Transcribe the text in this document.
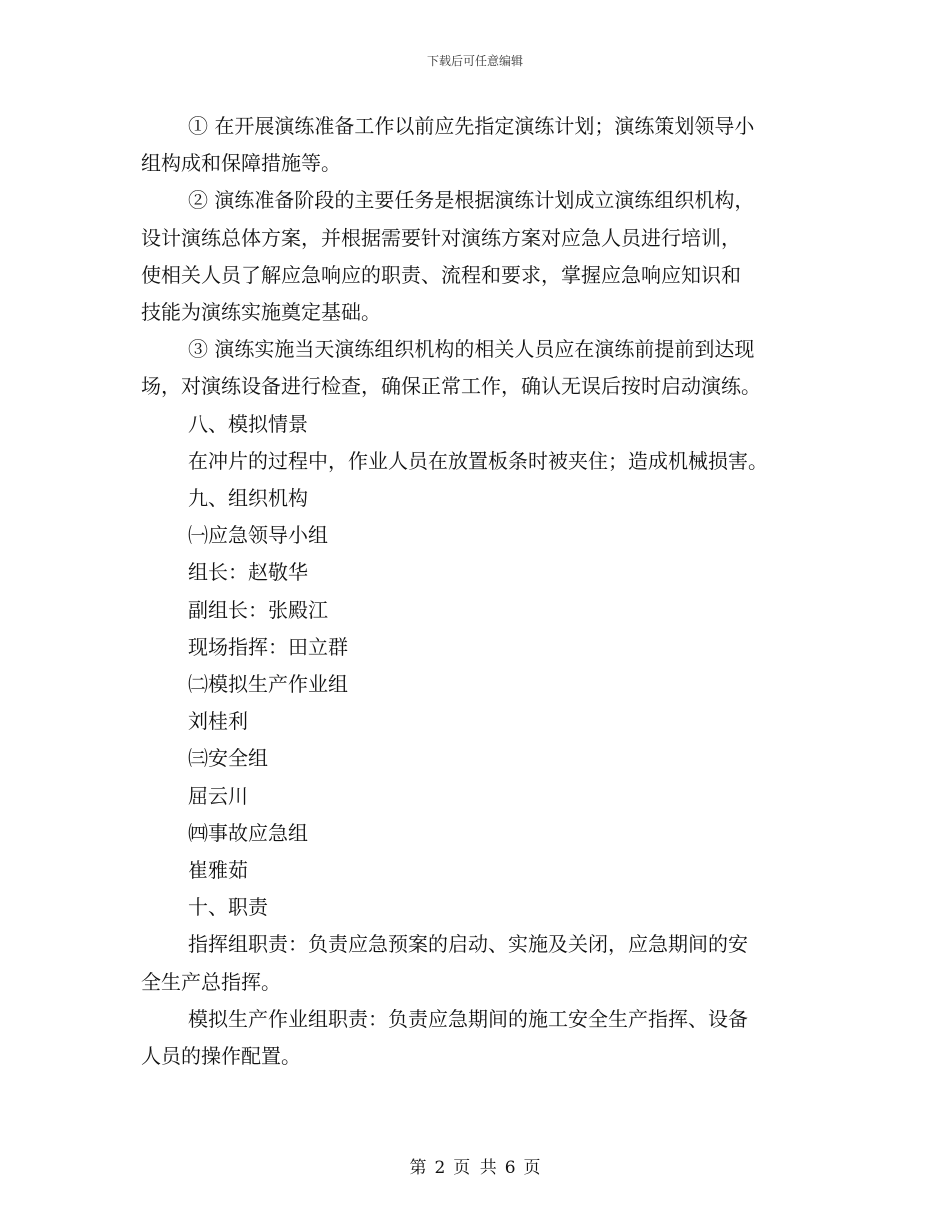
下载后可任意编辑

① 在开展演练准备工作以前应先指定演练计划；演练策划领导小

组构成和保障措施等。

② 演练准备阶段的主要任务是根据演练计划成立演练组织机构，

设计演练总体方案，并根据需要针对演练方案对应急人员进行培训，

使相关人员了解应急响应的职责、流程和要求，掌握应急响应知识和

技能为演练实施奠定基础。

③ 演练实施当天演练组织机构的相关人员应在演练前提前到达现

场，对演练设备进行检查，确保正常工作，确认无误后按时启动演练。

八、模拟情景

在冲片的过程中，作业人员在放置板条时被夹住；造成机械损害。

九、组织机构

㈠应急领导小组

组长：赵敬华

副组长：张殿江

现场指挥：田立群

㈡模拟生产作业组

刘桂利

㈢安全组

屈云川

㈣事故应急组

崔雅茹

十、职责

指挥组职责：负责应急预案的启动、实施及关闭，应急期间的安

全生产总指挥。

模拟生产作业组职责：负责应急期间的施工安全生产指挥、设备

人员的操作配置。

第 2 页 共 6 页
